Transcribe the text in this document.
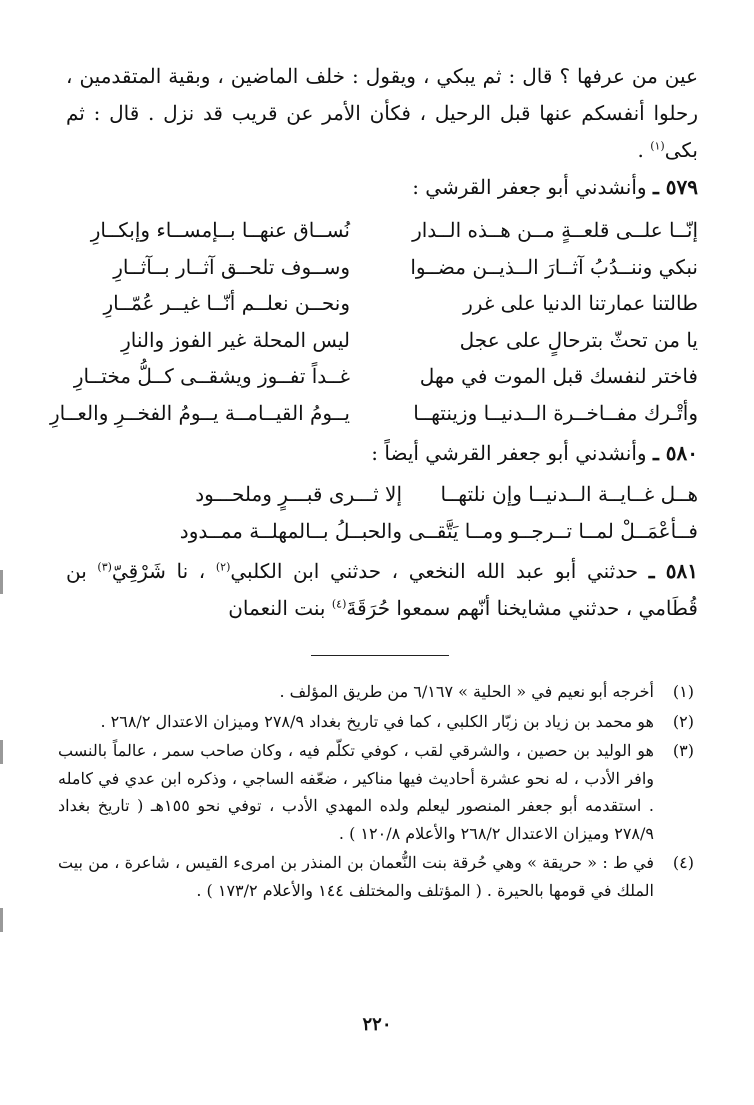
عين من عرفها ؟ قال : ثم يبكي ، ويقول : خلف الماضين ، وبقية المتقدمين ، رحلوا أنفسكم عنها قبل الرحيل ، فكأن الأمر عن قريب قد نزل . قال : ثم بكى$^{(١)}$ .

٥٧٩ ـ وأنشدني أبو جعفر القرشي :

إنّــا علــى قلعــةٍ مــن هــذه الــدار
نُســاق عنهــا بــإمســاء وإبكــارِ
نبكي وننــدُبُ آثــارَ الــذيــن مضــوا
وســوف تلحــق آثــار بــآثــارِ
طالتنا عمارتنا الدنيا على غرر
ونحــن نعلــم أنّــا غيــر عُمّــارِ
يا من تحثّ بترحالٍ على عجل
ليس المحلة غير الفوز والنارِ
فاختر لنفسك قبل الموت في مهل
غــداً تفــوز ويشقــى كــلُّ مختــارِ
وأتْـرك مفــاخــرة الــدنيــا وزينتهــا
يــومُ القيــامــة يــومُ الفخــرِ والعــارِ

٥٨٠ ـ وأنشدني أبو جعفر القرشي أيضاً :

هــل غــايــة الــدنيــا وإن نلتهــا
إلا ثـــرى قبـــرٍ وملحـــود
فــأعْمَــلْ لمــا تــرجــو ومــا يَتَّقــى
والحبــلُ بــالمهلــة ممــدود

٥٨١ ـ حدثني أبو عبد الله النخعي ، حدثني ابن الكلبي$^{(٢)}$ ، نا شَرْقِيّ$^{(٣)}$ بن قُطَامي ، حدثني مشايخنا أنّهم سمعوا حُرَقَةَ$^{(٤)}$ بنت النعمان

(١)
أخرجه أبو نعيم في « الحلية » ٦/١٦٧ من طريق المؤلف .
(٢)
هو محمد بن زياد بن زبّار الكلبي ، كما في تاريخ بغداد ٢٧٨/٩ وميزان الاعتدال ٢٦٨/٢ .
(٣)
هو الوليد بن حصين ، والشرقي لقب ، كوفي تكلّم فيه ، وكان صاحب سمر ، عالماً بالنسب وافر الأدب ، له نحو عشرة أحاديث فيها مناكير ، ضعّفه الساجي ، وذكره ابن عدي في كامله . استقدمه أبو جعفر المنصور ليعلم ولده المهدي الأدب ، توفي نحو ١٥٥هـ ( تاريخ بغداد ٢٧٨/٩ وميزان الاعتدال ٢٦٨/٢ والأعلام ١٢٠/٨ ) .
(٤)
في ط : « حريقة » وهي حُرقة بنت النُّعمان بن المنذر بن امرىء القيس ، شاعرة ، من بيت الملك في قومها بالحيرة . ( المؤتلف والمختلف ١٤٤ والأعلام ١٧٣/٢ ) .
٢٢٠
